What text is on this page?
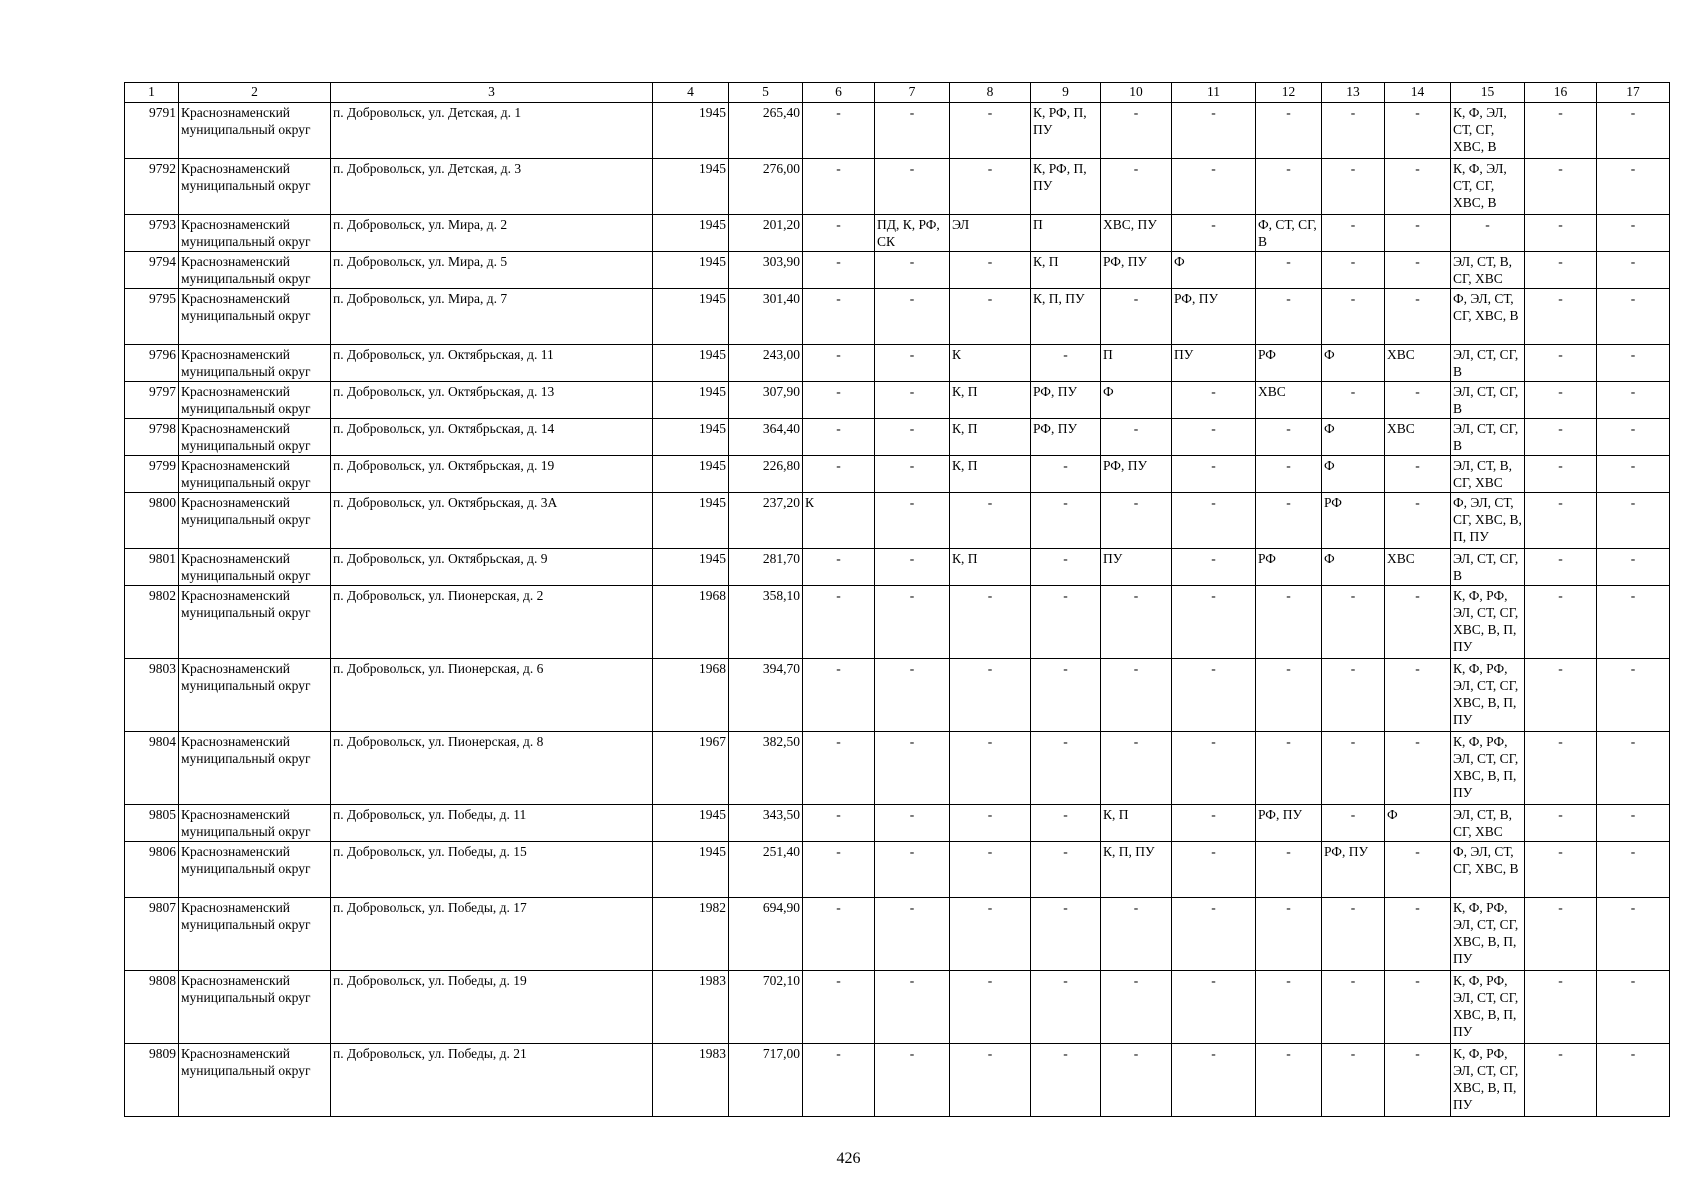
1	2	3	4	5	6	7	8	9	10	11	12	13	14	15	16	17
9791	Краснознаменский муниципальный округ	п. Добровольск, ул. Детская, д. 1	1945	265,40	-	-	-	К, РФ, П, ПУ	-	-	-	-	-	К, Ф, ЭЛ, СТ, СГ, ХВС, В	-	-
9792	Краснознаменский муниципальный округ	п. Добровольск, ул. Детская, д. 3	1945	276,00	-	-	-	К, РФ, П, ПУ	-	-	-	-	-	К, Ф, ЭЛ, СТ, СГ, ХВС, В	-	-
9793	Краснознаменский муниципальный округ	п. Добровольск, ул. Мира, д. 2	1945	201,20	-	ПД, К, РФ, СК	ЭЛ	П	ХВС, ПУ	-	Ф, СТ, СГ, В	-	-	-	-	-
9794	Краснознаменский муниципальный округ	п. Добровольск, ул. Мира, д. 5	1945	303,90	-	-	-	К, П	РФ, ПУ	Ф	-	-	-	ЭЛ, СТ, В, СГ, ХВС	-	-
9795	Краснознаменский муниципальный округ	п. Добровольск, ул. Мира, д. 7	1945	301,40	-	-	-	К, П, ПУ	-	РФ, ПУ	-	-	-	Ф, ЭЛ, СТ, СГ, ХВС, В	-	-
9796	Краснознаменский муниципальный округ	п. Добровольск, ул. Октябрьская, д. 11	1945	243,00	-	-	К	-	П	ПУ	РФ	Ф	ХВС	ЭЛ, СТ, СГ, В	-	-
9797	Краснознаменский муниципальный округ	п. Добровольск, ул. Октябрьская, д. 13	1945	307,90	-	-	К, П	РФ, ПУ	Ф	-	ХВС	-	-	ЭЛ, СТ, СГ, В	-	-
9798	Краснознаменский муниципальный округ	п. Добровольск, ул. Октябрьская, д. 14	1945	364,40	-	-	К, П	РФ, ПУ	-	-	-	Ф	ХВС	ЭЛ, СТ, СГ, В	-	-
9799	Краснознаменский муниципальный округ	п. Добровольск, ул. Октябрьская, д. 19	1945	226,80	-	-	К, П	-	РФ, ПУ	-	-	Ф	-	ЭЛ, СТ, В, СГ, ХВС	-	-
9800	Краснознаменский муниципальный округ	п. Добровольск, ул. Октябрьская, д. 3А	1945	237,20	К	-	-	-	-	-	-	РФ	-	Ф, ЭЛ, СТ, СГ, ХВС, В, П, ПУ	-	-
9801	Краснознаменский муниципальный округ	п. Добровольск, ул. Октябрьская, д. 9	1945	281,70	-	-	К, П	-	ПУ	-	РФ	Ф	ХВС	ЭЛ, СТ, СГ, В	-	-
9802	Краснознаменский муниципальный округ	п. Добровольск, ул. Пионерская, д. 2	1968	358,10	-	-	-	-	-	-	-	-	-	К, Ф, РФ, ЭЛ, СТ, СГ, ХВС, В, П, ПУ	-	-
9803	Краснознаменский муниципальный округ	п. Добровольск, ул. Пионерская, д. 6	1968	394,70	-	-	-	-	-	-	-	-	-	К, Ф, РФ, ЭЛ, СТ, СГ, ХВС, В, П, ПУ	-	-
9804	Краснознаменский муниципальный округ	п. Добровольск, ул. Пионерская, д. 8	1967	382,50	-	-	-	-	-	-	-	-	-	К, Ф, РФ, ЭЛ, СТ, СГ, ХВС, В, П, ПУ	-	-
9805	Краснознаменский муниципальный округ	п. Добровольск, ул. Победы, д. 11	1945	343,50	-	-	-	-	К, П	-	РФ, ПУ	-	Ф	ЭЛ, СТ, В, СГ, ХВС	-	-
9806	Краснознаменский муниципальный округ	п. Добровольск, ул. Победы, д. 15	1945	251,40	-	-	-	-	К, П, ПУ	-	-	РФ, ПУ	-	Ф, ЭЛ, СТ, СГ, ХВС, В	-	-
9807	Краснознаменский муниципальный округ	п. Добровольск, ул. Победы, д. 17	1982	694,90	-	-	-	-	-	-	-	-	-	К, Ф, РФ, ЭЛ, СТ, СГ, ХВС, В, П, ПУ	-	-
9808	Краснознаменский муниципальный округ	п. Добровольск, ул. Победы, д. 19	1983	702,10	-	-	-	-	-	-	-	-	-	К, Ф, РФ, ЭЛ, СТ, СГ, ХВС, В, П, ПУ	-	-
9809	Краснознаменский муниципальный округ	п. Добровольск, ул. Победы, д. 21	1983	717,00	-	-	-	-	-	-	-	-	-	К, Ф, РФ, ЭЛ, СТ, СГ, ХВС, В, П, ПУ	-	-
426
